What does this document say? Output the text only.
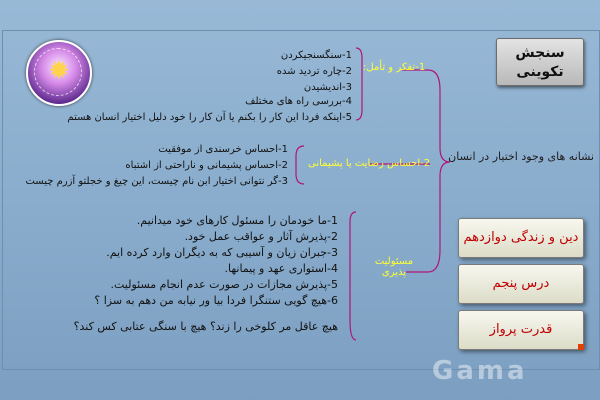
✹
سنجش
تکوینی
نشانه های وجود اختیار در انسان
1-تفکر و تأمل:
1-سنگسنجیکردن
2-چاره تردید شده
3-اندیشیدن
4-بررسی راه های مختلف
5-اینکه فردا این کار را بکنم یا آن کار را خود دلیل اختیار انسان هستم
2-احساس رضایت یا پشیمانی
1-احساس خرسندی از موفقیت
2-احساس پشیمانی و ناراحتی از اشتباه
3-گر نتوانی اختیار ابن نام چیست، این چیغ و خجلتو آزرم چیست
مسئولیت پذیری
1-ما خودمان را مسئول کارهای خود میدانیم.
2-پذیرش آثار و عواقب عمل خود.
3-جبران زیان و آسیبی که به دیگران وارد کرده ایم.
4-استواری عهد و پیمانها.
5-پذیرش مجازات در صورت عدم انجام مسئولیت.
6-هیچ گویی ستنگرا فردا بیا ور نیابه من دهم به سزا ؟
هیچ عاقل مر کلوخی را زند؟ هیچ با سنگی عتابی کس کند؟
دین و زندگی دوازدهم
درس پنجم
قدرت پرواز
Gama
